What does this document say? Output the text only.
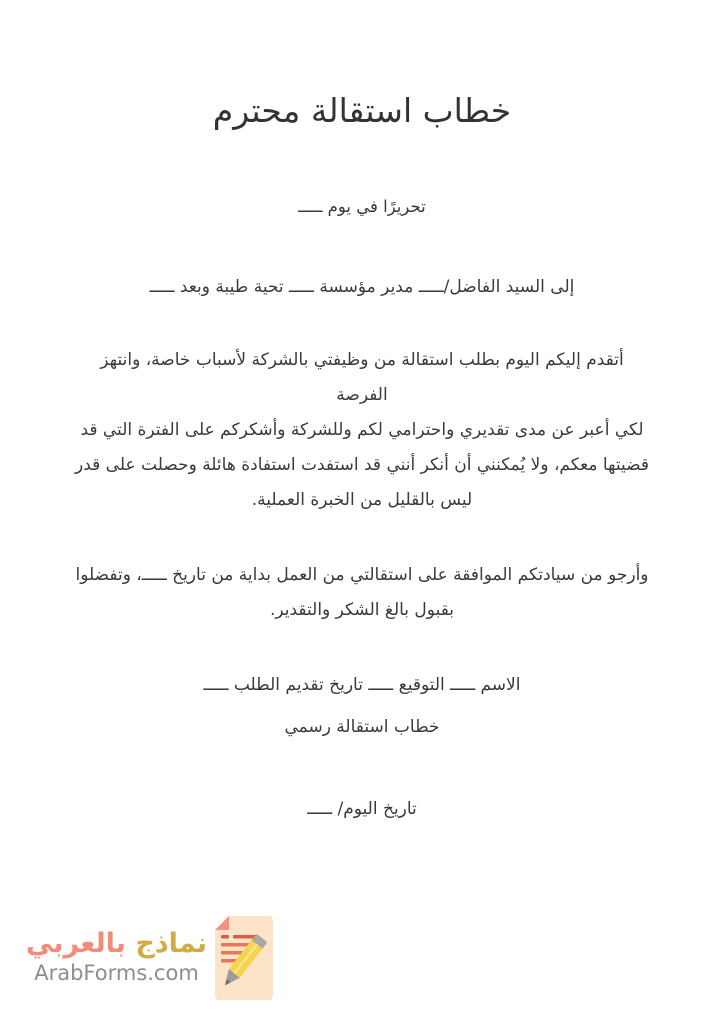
خطاب استقالة محترم
تحريرًا في يوم ـــــ
إلى السيد الفاضل/ـــــ مدير مؤسسة ـــــ تحية طيبة وبعد ـــــ
أتقدم إليكم اليوم بطلب استقالة من وظيفتي بالشركة لأسباب خاصة، وانتهز الفرصة
لكي أعبر عن مدى تقديري واحترامي لكم وللشركة وأشكركم على الفترة التي قد
قضيتها معكم، ولا يُمكنني أن أنكر أنني قد استفدت استفادة هائلة وحصلت على قدر
ليس بالقليل من الخبرة العملية.
وأرجو من سيادتكم الموافقة على استقالتي من العمل بداية من تاريخ ـــــ، وتفضلوا
بقبول بالغ الشكر والتقدير.
الاسم ـــــ التوقيع ـــــ تاريخ تقديم الطلب ـــــ
خطاب استقالة رسمي
تاريخ اليوم/ ـــــ
نماذج بالعربي
ArabForms.com
